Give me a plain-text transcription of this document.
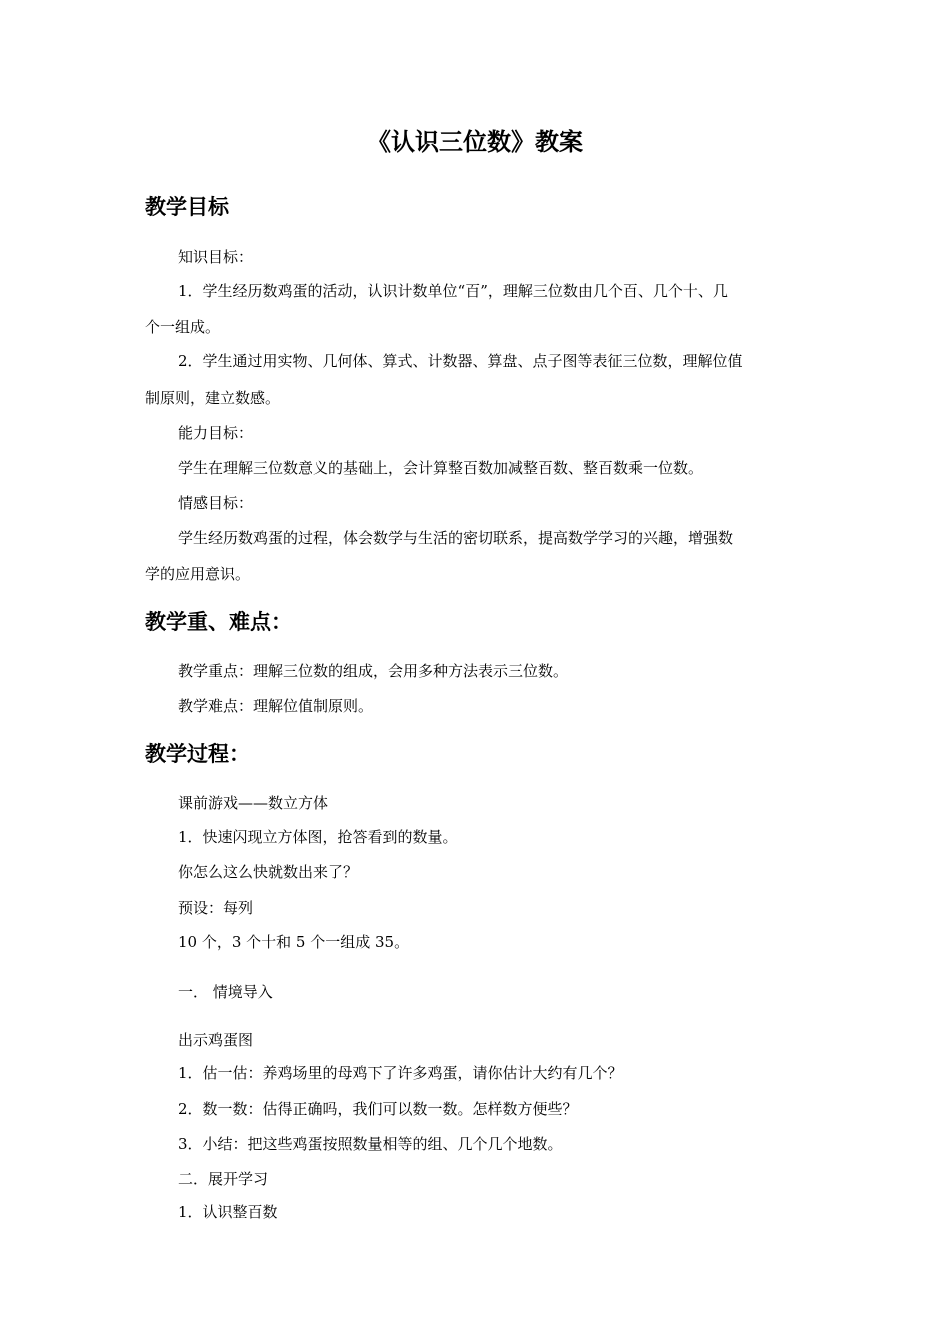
《认识三位数》教案
教学目标
知识目标：
1．学生经历数鸡蛋的活动，认识计数单位“百”，理解三位数由几个百、几个十、几
个一组成。
2．学生通过用实物、几何体、算式、计数器、算盘、点子图等表征三位数，理解位值
制原则，建立数感。
能力目标：
学生在理解三位数意义的基础上，会计算整百数加减整百数、整百数乘一位数。
情感目标：
学生经历数鸡蛋的过程，体会数学与生活的密切联系，提高数学学习的兴趣，增强数
学的应用意识。
教学重、难点：
教学重点：理解三位数的组成，会用多种方法表示三位数。
教学难点：理解位值制原则。
教学过程：
课前游戏——数立方体
1．快速闪现立方体图，抢答看到的数量。
你怎么这么快就数出来了？
预设：每列
10 个，3 个十和 5 个一组成 35。
一． 情境导入
出示鸡蛋图
1．估一估：养鸡场里的母鸡下了许多鸡蛋，请你估计大约有几个？
2．数一数：估得正确吗，我们可以数一数。怎样数方便些？
3．小结：把这些鸡蛋按照数量相等的组、几个几个地数。
二．展开学习
1．认识整百数
